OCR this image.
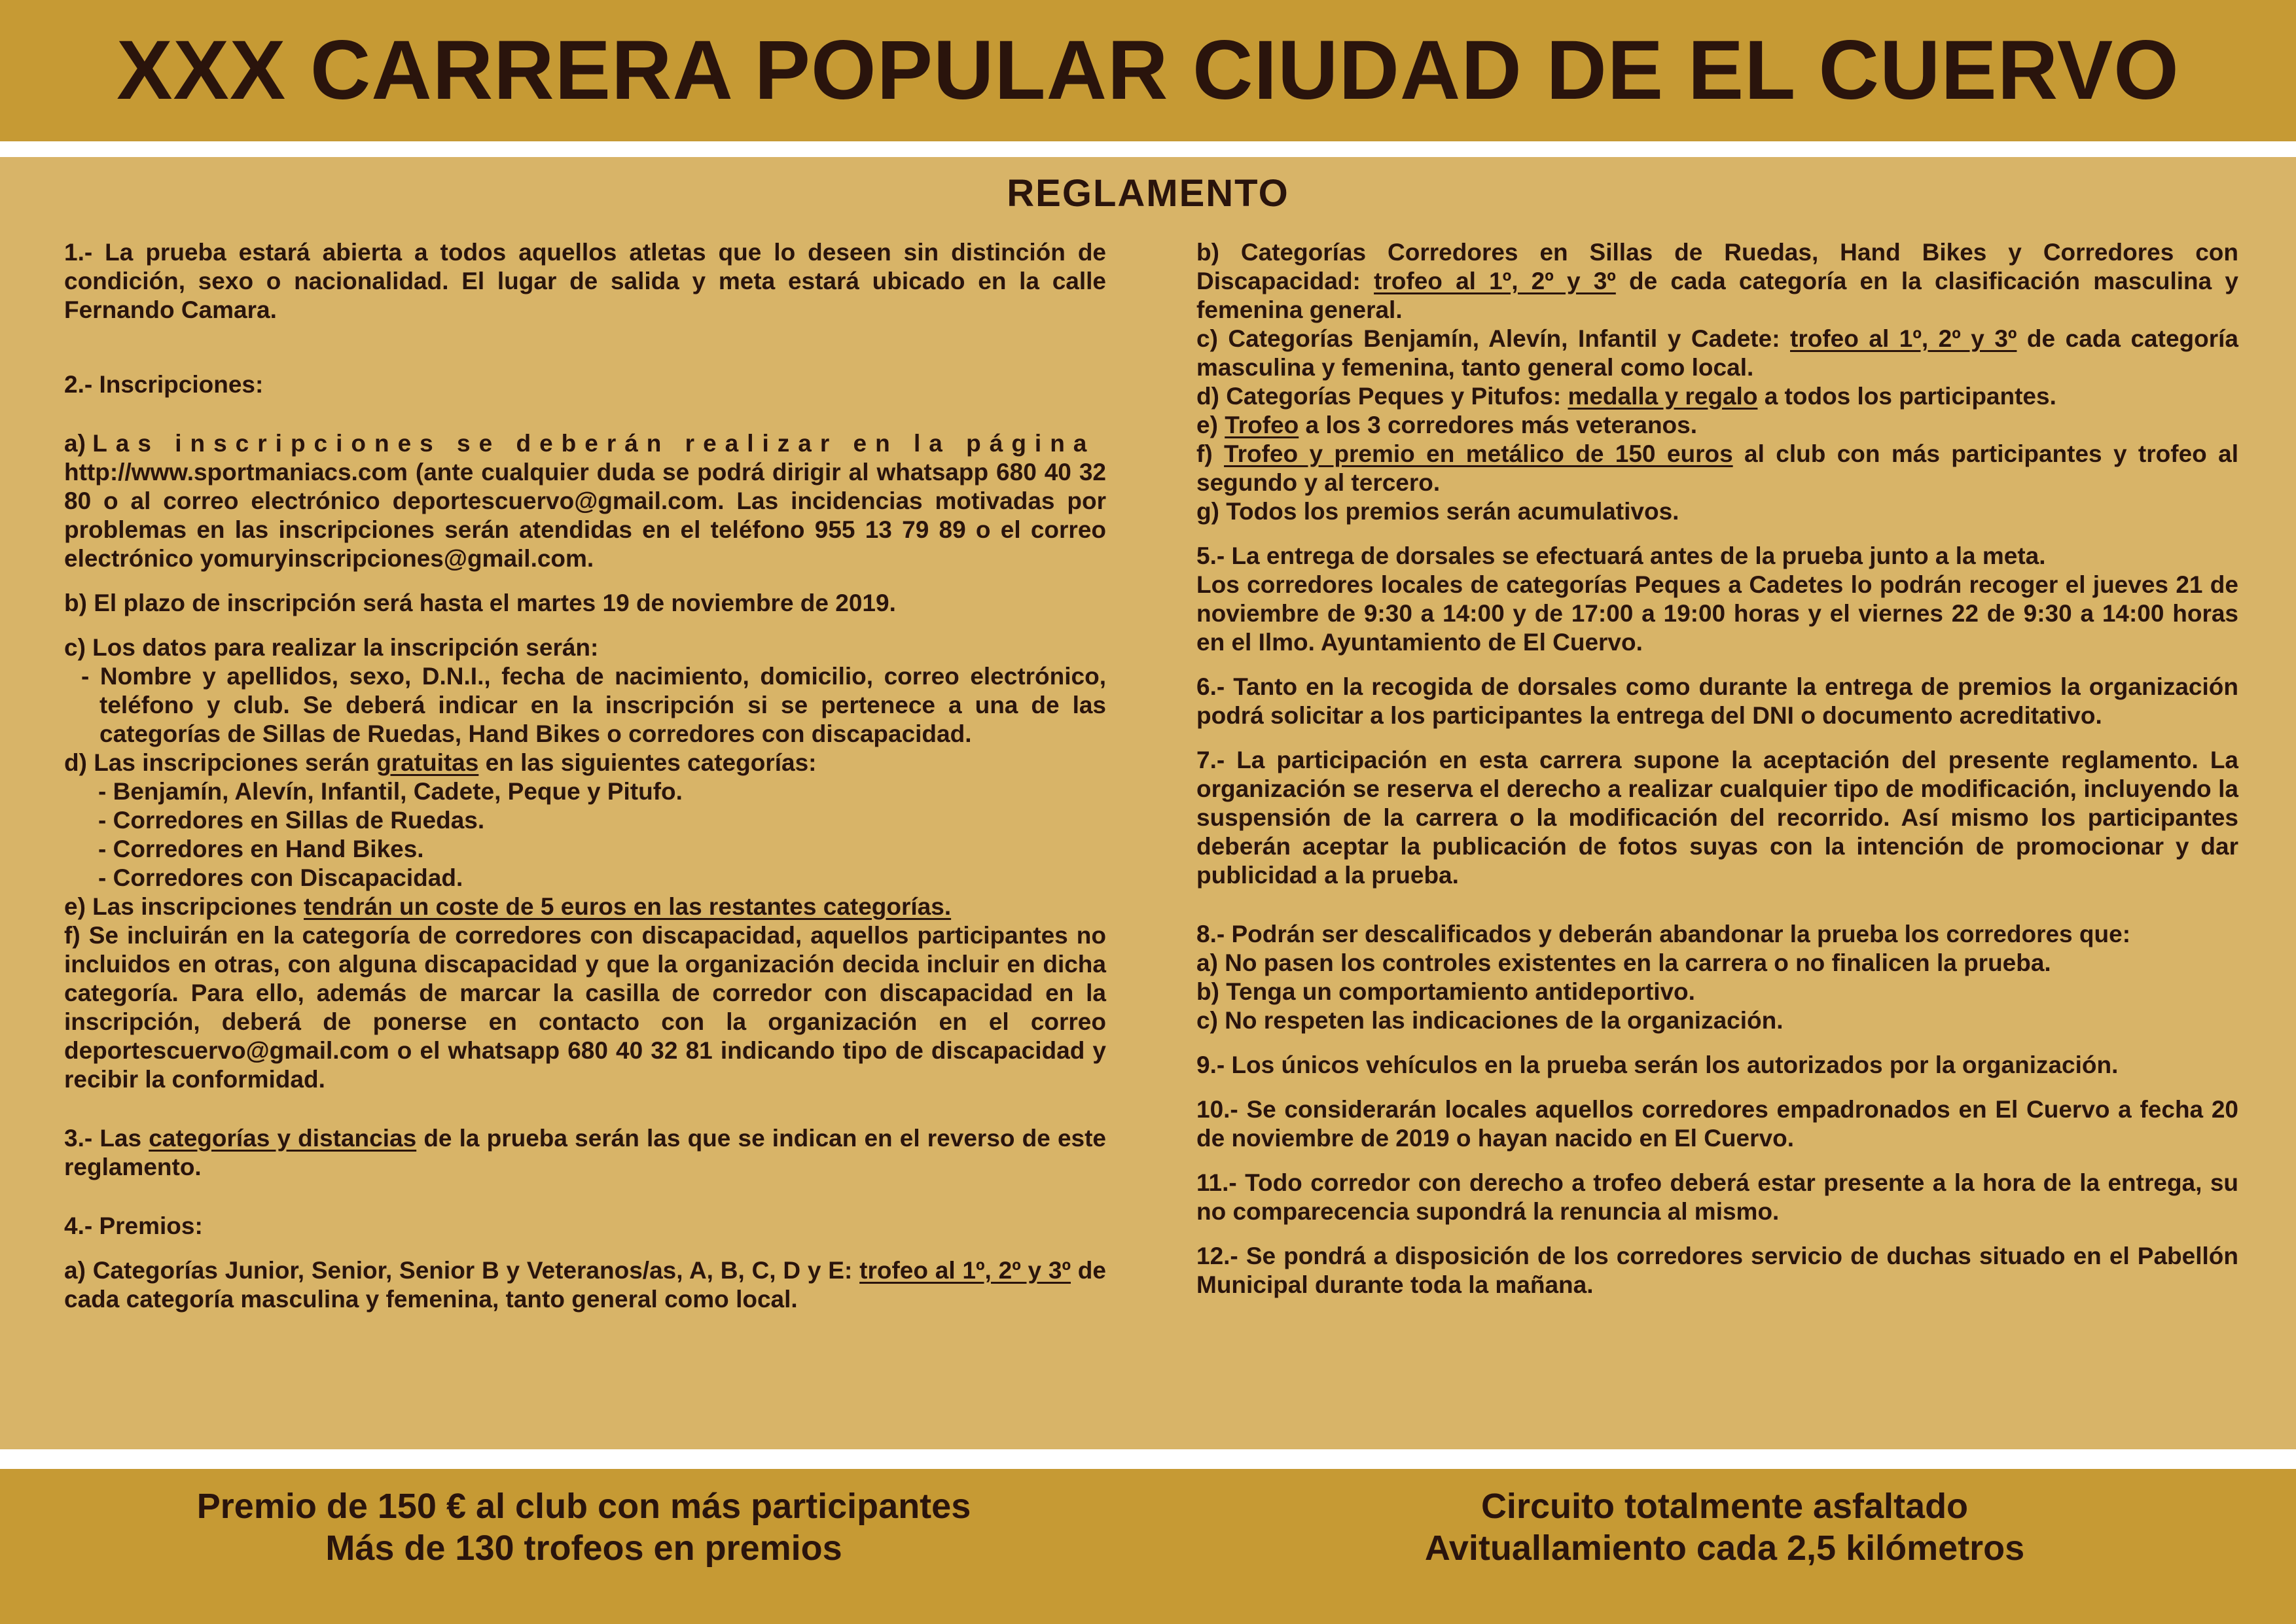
XXX CARRERA POPULAR CIUDAD DE EL CUERVO
REGLAMENTO

1.- La prueba estará abierta a todos aquellos atletas que lo deseen sin distinción de condición, sexo o nacionalidad. El lugar de salida y meta estará ubicado en la calle Fernando Camara.

2.- Inscripciones:

a) Las inscripciones se deberán realizar en la página

http://www.sportmaniacs.com (ante cualquier duda se podrá dirigir al whatsapp 680 40 32 80 o al correo electrónico deportescuervo@gmail.com. Las incidencias motivadas por problemas en las inscripciones serán atendidas en el teléfono 955 13 79 89 o el correo electrónico yomuryinscripciones@gmail.com.

b) El plazo de inscripción será hasta el martes 19 de noviembre de 2019.

c) Los datos para realizar la inscripción serán:

- Nombre y apellidos, sexo, D.N.I., fecha de nacimiento, domicilio, correo electrónico, teléfono y club. Se deberá indicar en la inscripción si se pertenece a una de las categorías de Sillas de Ruedas, Hand Bikes o corredores con discapacidad.

d) Las inscripciones serán gratuitas en las siguientes categorías:

- Benjamín, Alevín, Infantil, Cadete, Peque y Pitufo.

- Corredores en Sillas de Ruedas.

- Corredores en Hand Bikes.

- Corredores con Discapacidad.

e) Las inscripciones tendrán un coste de 5 euros en las restantes categorías.

f) Se incluirán en la categoría de corredores con discapacidad, aquellos participantes no incluidos en otras, con alguna discapacidad y que la organización decida incluir en dicha categoría. Para ello, además de marcar la casilla de corredor con discapacidad en la inscripción, deberá de ponerse en contacto con la organización en el correo deportescuervo@gmail.com o el whatsapp 680 40 32 81 indicando tipo de discapacidad y recibir la conformidad.

3.- Las categorías y distancias de la prueba serán las que se indican en el reverso de este reglamento.

4.- Premios:

a) Categorías Junior, Senior, Senior B y Veteranos/as, A, B, C, D y E: trofeo al 1º, 2º y 3º de cada categoría masculina y femenina, tanto general como local.

b) Categorías Corredores en Sillas de Ruedas, Hand Bikes y Corredores con Discapacidad: trofeo al 1º, 2º y 3º de cada categoría en la clasificación masculina y femenina general.

c) Categorías Benjamín, Alevín, Infantil y Cadete: trofeo al 1º, 2º y 3º de cada categoría masculina y femenina, tanto general como local.

d) Categorías Peques y Pitufos: medalla y regalo a todos los participantes.

e) Trofeo a los 3 corredores más veteranos.

f) Trofeo y premio en metálico de 150 euros al club con más participantes y trofeo al segundo y al tercero.

g) Todos los premios serán acumulativos.

5.- La entrega de dorsales se efectuará antes de la prueba junto a la meta.

Los corredores locales de categorías Peques a Cadetes lo podrán recoger el jueves 21 de noviembre de 9:30 a 14:00 y de 17:00 a 19:00 horas y el viernes 22 de 9:30 a 14:00 horas en el Ilmo. Ayuntamiento de El Cuervo.

6.- Tanto en la recogida de dorsales como durante la entrega de premios la organización podrá solicitar a los participantes la entrega del DNI o documento acreditativo.

7.- La participación en esta carrera supone la aceptación del presente reglamento. La organización se reserva el derecho a realizar cualquier tipo de modificación, incluyendo la suspensión de la carrera o la modificación del recorrido. Así mismo los participantes deberán aceptar la publicación de fotos suyas con la intención de promocionar y dar publicidad a la prueba.

8.- Podrán ser descalificados y deberán abandonar la prueba los corredores que:

a) No pasen los controles existentes en la carrera o no finalicen la prueba.

b) Tenga un comportamiento antideportivo.

c) No respeten las indicaciones de la organización.

9.- Los únicos vehículos en la prueba serán los autorizados por la organización.

10.- Se considerarán locales aquellos corredores empadronados en El Cuervo a fecha 20 de noviembre de 2019 o hayan nacido en El Cuervo.

11.- Todo corredor con derecho a trofeo deberá estar presente a la hora de la entrega, su no comparecencia supondrá la renuncia al mismo.

12.- Se pondrá a disposición de los corredores servicio de duchas situado en el Pabellón Municipal durante toda la mañana.

Premio de 150 € al club con más participantes
Más de 130 trofeos en premios
Circuito totalmente asfaltado
Avituallamiento cada 2,5 kilómetros
